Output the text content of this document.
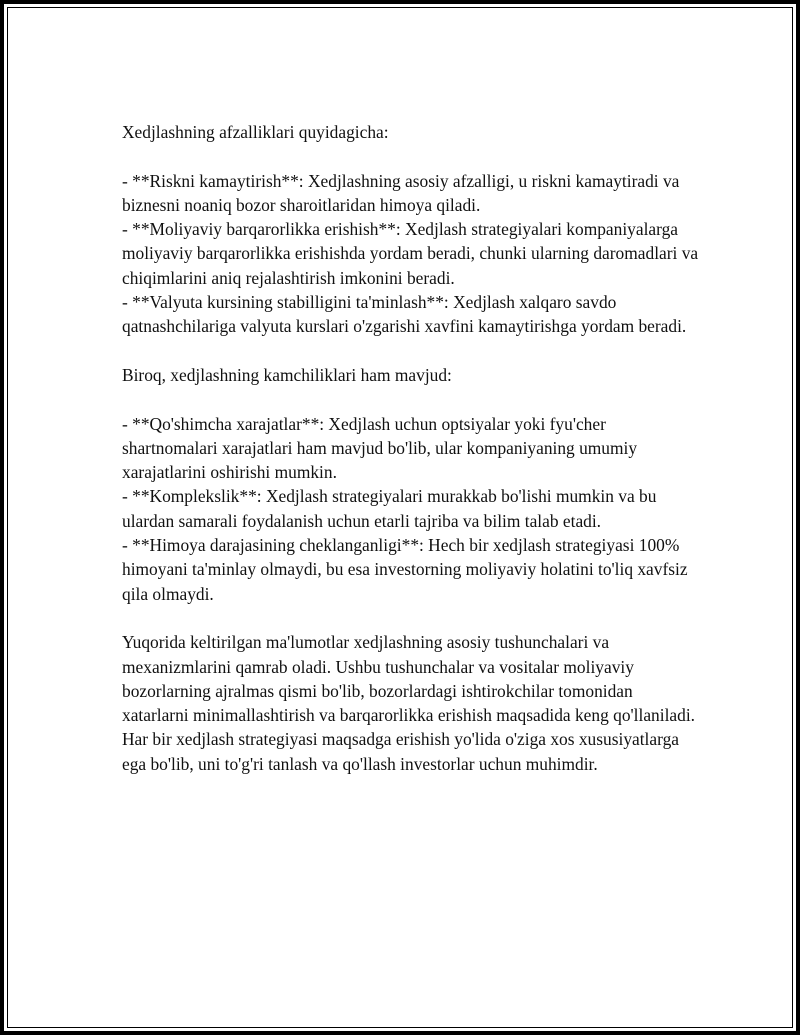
Xedjlashning afzalliklari quyidagicha:

- **Riskni kamaytirish**: Xedjlashning asosiy afzalligi, u riskni kamaytiradi va biznesni noaniq bozor sharoitlaridan himoya qiladi.

- **Moliyaviy barqarorlikka erishish**: Xedjlash strategiyalari kompaniyalarga moliyaviy barqarorlikka erishishda yordam beradi, chunki ularning daromadlari va chiqimlarini aniq rejalashtirish imkonini beradi.

- **Valyuta kursining stabilligini ta'minlash**: Xedjlash xalqaro savdo qatnashchilariga valyuta kurslari o'zgarishi xavfini kamaytirishga yordam beradi.

Biroq, xedjlashning kamchiliklari ham mavjud:

- **Qo'shimcha xarajatlar**: Xedjlash uchun optsiyalar yoki fyu'cher shartnomalari xarajatlari ham mavjud bo'lib, ular kompaniyaning umumiy xarajatlarini oshirishi mumkin.

- **Komplekslik**: Xedjlash strategiyalari murakkab bo'lishi mumkin va bu ulardan samarali foydalanish uchun etarli tajriba va bilim talab etadi.

- **Himoya darajasining cheklanganligi**: Hech bir xedjlash strategiyasi 100% himoyani ta'minlay olmaydi, bu esa investorning moliyaviy holatini to'liq xavfsiz qila olmaydi.

Yuqorida keltirilgan ma'lumotlar xedjlashning asosiy tushunchalari va mexanizmlarini qamrab oladi. Ushbu tushunchalar va vositalar moliyaviy bozorlarning ajralmas qismi bo'lib, bozorlardagi ishtirokchilar tomonidan xatarlarni minimallashtirish va barqarorlikka erishish maqsadida keng qo'llaniladi. Har bir xedjlash strategiyasi maqsadga erishish yo'lida o'ziga xos xususiyatlarga ega bo'lib, uni to'g'ri tanlash va qo'llash investorlar uchun muhimdir.
